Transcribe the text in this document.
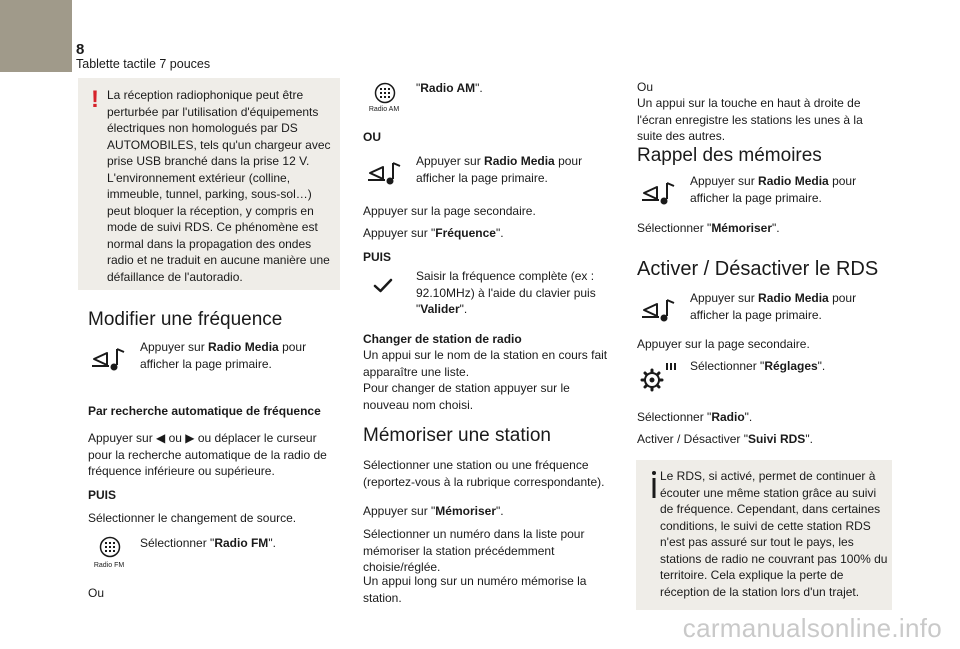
8
Tablette tactile 7 pouces
! La réception radiophonique peut être perturbée par l'utilisation d'équipements électriques non homologués par DS AUTOMOBILES, tels qu'un chargeur avec prise USB branché dans la prise 12 V. L'environnement extérieur (colline, immeuble, tunnel, parking, sous-sol…) peut bloquer la réception, y compris en mode de suivi RDS. Ce phénomène est normal dans la propagation des ondes radio et ne traduit en aucune manière une défaillance de l'autoradio.
Modifier une fréquence
Appuyer sur Radio Media pour afficher la page primaire.
Par recherche automatique de fréquence
Appuyer sur ◀︎ ou ▶︎ ou déplacer le curseur pour la recherche automatique de la radio de fréquence inférieure ou supérieure.
PUIS
Sélectionner le changement de source.
Radio FM
Sélectionner "Radio FM".
Ou
Radio AM
"Radio AM".
OU
Appuyer sur Radio Media pour afficher la page primaire.
Appuyer sur la page secondaire.
Appuyer sur "Fréquence".
PUIS
Saisir la fréquence complète (ex : 92.10MHz) à l'aide du clavier puis "Valider".
Changer de station de radio
Un appui sur le nom de la station en cours fait apparaître une liste.
Pour changer de station appuyer sur le nouveau nom choisi.
Mémoriser une station
Sélectionner une station ou une fréquence (reportez-vous à la rubrique correspondante).
Appuyer sur "Mémoriser".
Sélectionner un numéro dans la liste pour mémoriser la station précédemment choisie/réglée.
Un appui long sur un numéro mémorise la station.
Ou
Un appui sur la touche en haut à droite de l'écran enregistre les stations les unes à la suite des autres.
Rappel des mémoires
Appuyer sur Radio Media pour afficher la page primaire.
Sélectionner "Mémoriser".
Activer / Désactiver le RDS
Appuyer sur Radio Media pour afficher la page primaire.
Appuyer sur la page secondaire.
Sélectionner "Réglages".
Sélectionner "Radio".
Activer / Désactiver "Suivi RDS".
Le RDS, si activé, permet de continuer à écouter une même station grâce au suivi de fréquence. Cependant, dans certaines conditions, le suivi de cette station RDS n'est pas assuré sur tout le pays, les stations de radio ne couvrant pas 100% du territoire. Cela explique la perte de réception de la station lors d'un trajet.
carmanualsonline.info
